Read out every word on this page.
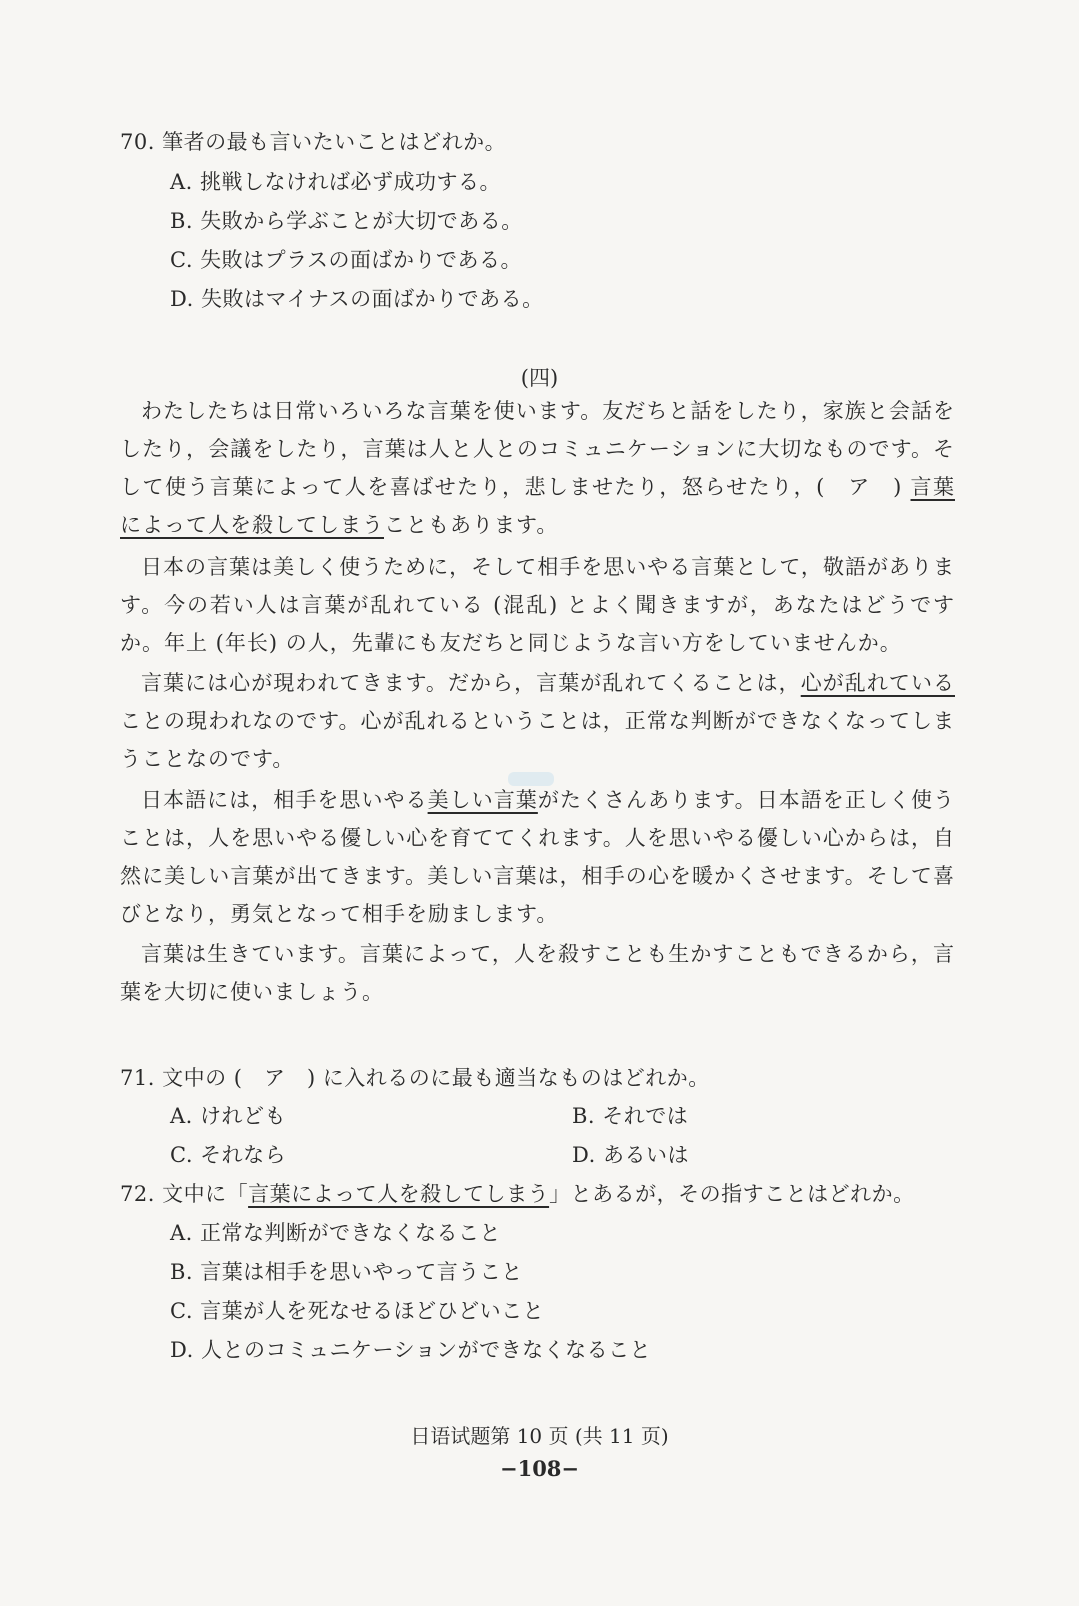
70. 筆者の最も言いたいことはどれか。
A. 挑戦しなければ必ず成功する。
B. 失敗から学ぶことが大切である。
C. 失敗はプラスの面ばかりである。
D. 失敗はマイナスの面ばかりである。
(四)
わたしたちは日常いろいろな言葉を使います。友だちと話をしたり，家族と会話をしたり，会議をしたり，言葉は人と人とのコミュニケーションに大切なものです。そして使う言葉によって人を喜ばせたり，悲しませたり，怒らせたり，(　ア　) 言葉によって人を殺してしまうこともあります。
日本の言葉は美しく使うために，そして相手を思いやる言葉として，敬語があります。今の若い人は言葉が乱れている (混乱) とよく聞きますが，あなたはどうですか。年上 (年长) の人，先輩にも友だちと同じような言い方をしていませんか。
言葉には心が現われてきます。だから，言葉が乱れてくることは，心が乱れていることの現われなのです。心が乱れるということは，正常な判断ができなくなってしまうことなのです。
日本語には，相手を思いやる美しい言葉がたくさんあります。日本語を正しく使うことは，人を思いやる優しい心を育ててくれます。人を思いやる優しい心からは，自然に美しい言葉が出てきます。美しい言葉は，相手の心を暖かくさせます。そして喜びとなり，勇気となって相手を励まします。
言葉は生きています。言葉によって，人を殺すことも生かすこともできるから，言葉を大切に使いましょう。
71. 文中の (　ア　) に入れるのに最も適当なものはどれか。
A. けれども	B. それでは
C. それなら	D. あるいは
72. 文中に「言葉によって人を殺してしまう」とあるが，その指すことはどれか。
A. 正常な判断ができなくなること
B. 言葉は相手を思いやって言うこと
C. 言葉が人を死なせるほどひどいこと
D. 人とのコミュニケーションができなくなること
日语试题第 10 页 (共 11 页)
−108−
